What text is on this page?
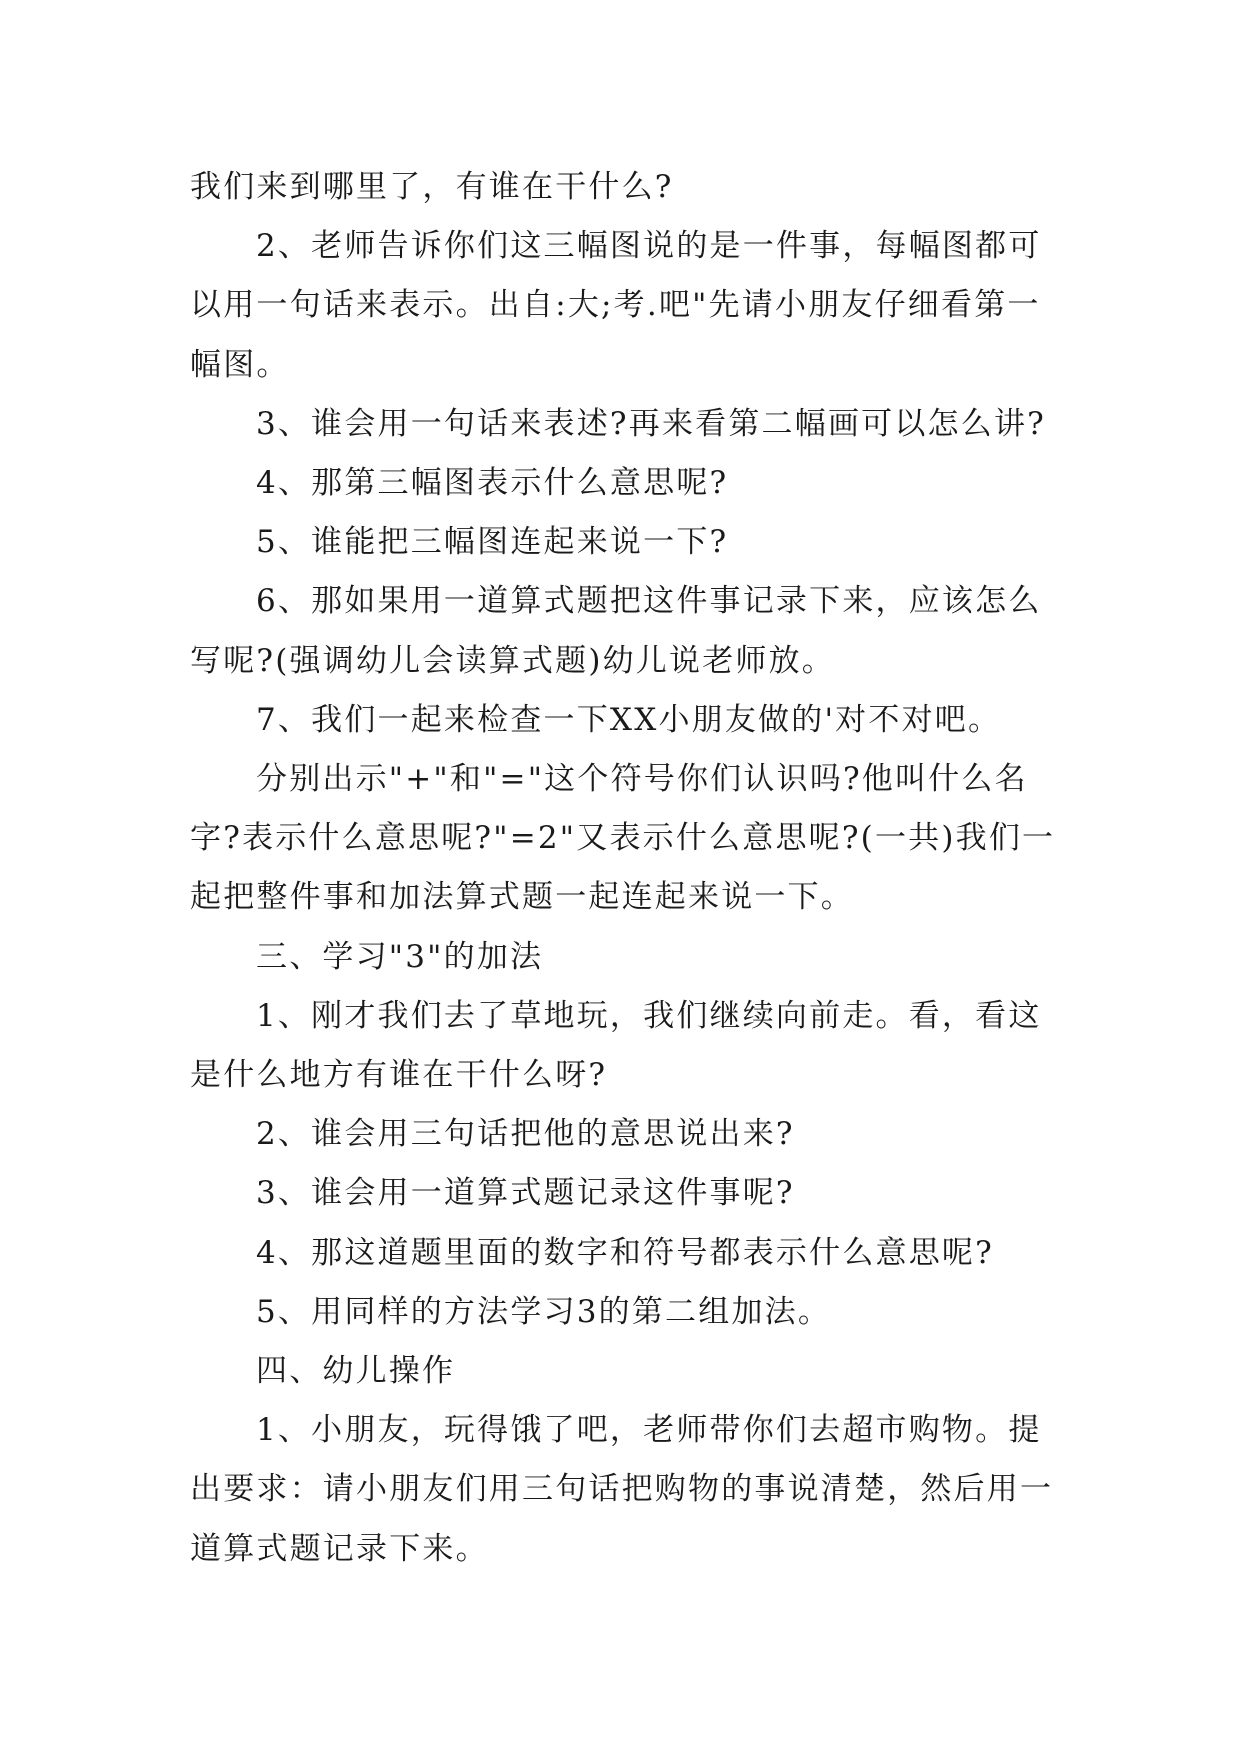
我们来到哪里了，有谁在干什么?

2、老师告诉你们这三幅图说的是一件事，每幅图都可以用一句话来表示。出自:大;考.吧"先请小朋友仔细看第一幅图。

3、谁会用一句话来表述?再来看第二幅画可以怎么讲?

4、那第三幅图表示什么意思呢?

5、谁能把三幅图连起来说一下?

6、那如果用一道算式题把这件事记录下来，应该怎么写呢?(强调幼儿会读算式题)幼儿说老师放。

7、我们一起来检查一下XX小朋友做的'对不对吧。

分别出示"+"和"="这个符号你们认识吗?他叫什么名字?表示什么意思呢?"=2"又表示什么意思呢?(一共)我们一起把整件事和加法算式题一起连起来说一下。

三、学习"3"的加法

1、刚才我们去了草地玩，我们继续向前走。看，看这是什么地方有谁在干什么呀?

2、谁会用三句话把他的意思说出来?

3、谁会用一道算式题记录这件事呢?

4、那这道题里面的数字和符号都表示什么意思呢?

5、用同样的方法学习3的第二组加法。

四、幼儿操作

1、小朋友，玩得饿了吧，老师带你们去超市购物。提出要求：请小朋友们用三句话把购物的事说清楚，然后用一道算式题记录下来。
